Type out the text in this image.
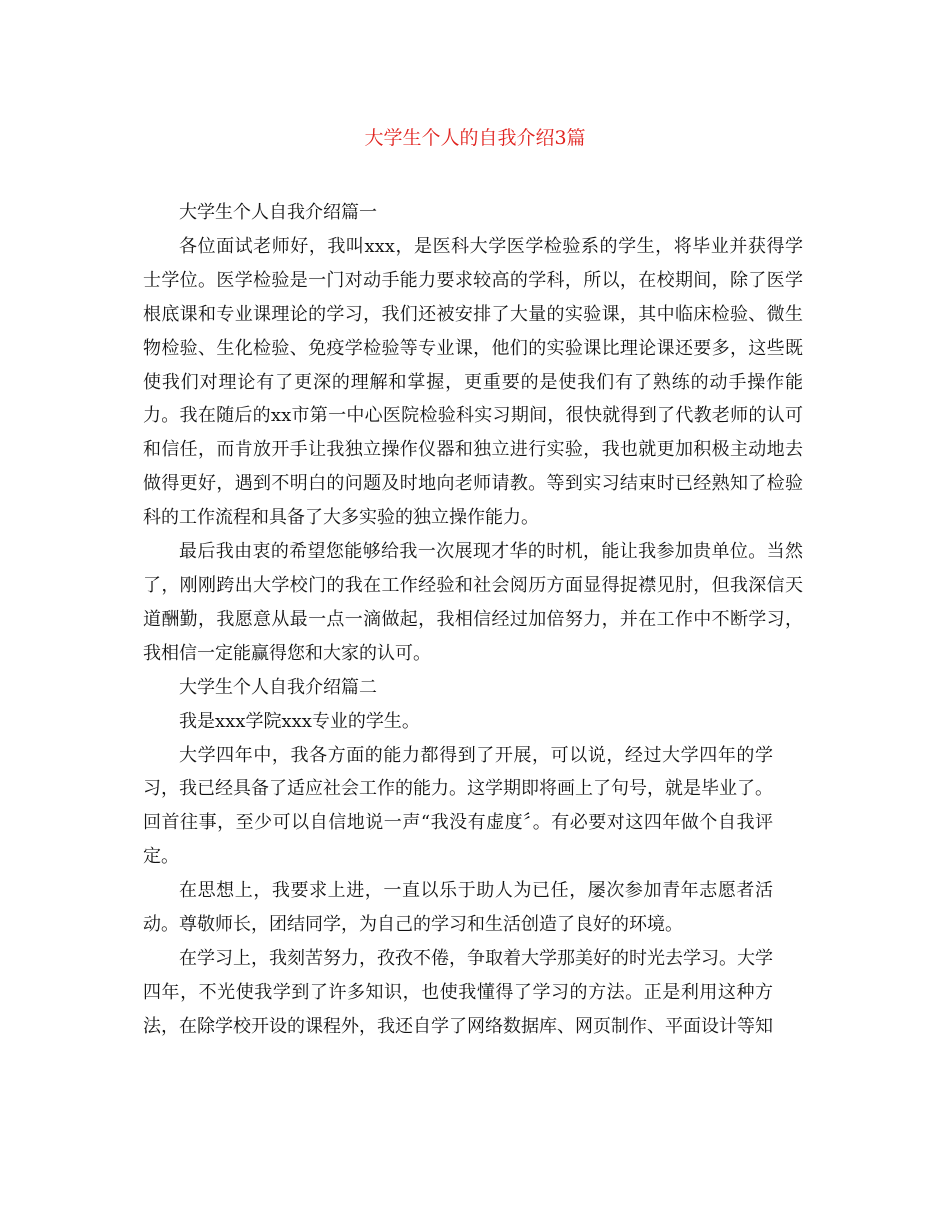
大学生个人的自我介绍3篇

大学生个人自我介绍篇一

各位面试老师好，我叫xxx，是医科大学医学检验系的学生，将毕业并获得学士学位。医学检验是一门对动手能力要求较高的学科，所以，在校期间，除了医学根底课和专业课理论的学习，我们还被安排了大量的实验课，其中临床检验、微生物检验、生化检验、免疫学检验等专业课，他们的实验课比理论课还要多，这些既使我们对理论有了更深的理解和掌握，更重要的是使我们有了熟练的动手操作能力。我在随后的xx市第一中心医院检验科实习期间，很快就得到了代教老师的认可和信任，而肯放开手让我独立操作仪器和独立进行实验，我也就更加积极主动地去做得更好，遇到不明白的问题及时地向老师请教。等到实习结束时已经熟知了检验科的工作流程和具备了大多实验的独立操作能力。

最后我由衷的希望您能够给我一次展现才华的时机，能让我参加贵单位。当然了，刚刚跨出大学校门的我在工作经验和社会阅历方面显得捉襟见肘，但我深信天道酬勤，我愿意从最一点一滴做起，我相信经过加倍努力，并在工作中不断学习，我相信一定能赢得您和大家的认可。

大学生个人自我介绍篇二

我是xxx学院xxx专业的学生。

大学四年中，我各方面的能力都得到了开展，可以说，经过大学四年的学习，我已经具备了适应社会工作的能力。这学期即将画上了句号，就是毕业了。回首往事，至少可以自信地说一声“我没有虚度〞。有必要对这四年做个自我评定。

在思想上，我要求上进，一直以乐于助人为已任，屡次参加青年志愿者活动。尊敬师长，团结同学，为自己的学习和生活创造了良好的环境。

在学习上，我刻苦努力，孜孜不倦，争取着大学那美好的时光去学习。大学四年，不光使我学到了许多知识，也使我懂得了学习的方法。正是利用这种方法，在除学校开设的课程外，我还自学了网络数据库、网页制作、平面设计等知
